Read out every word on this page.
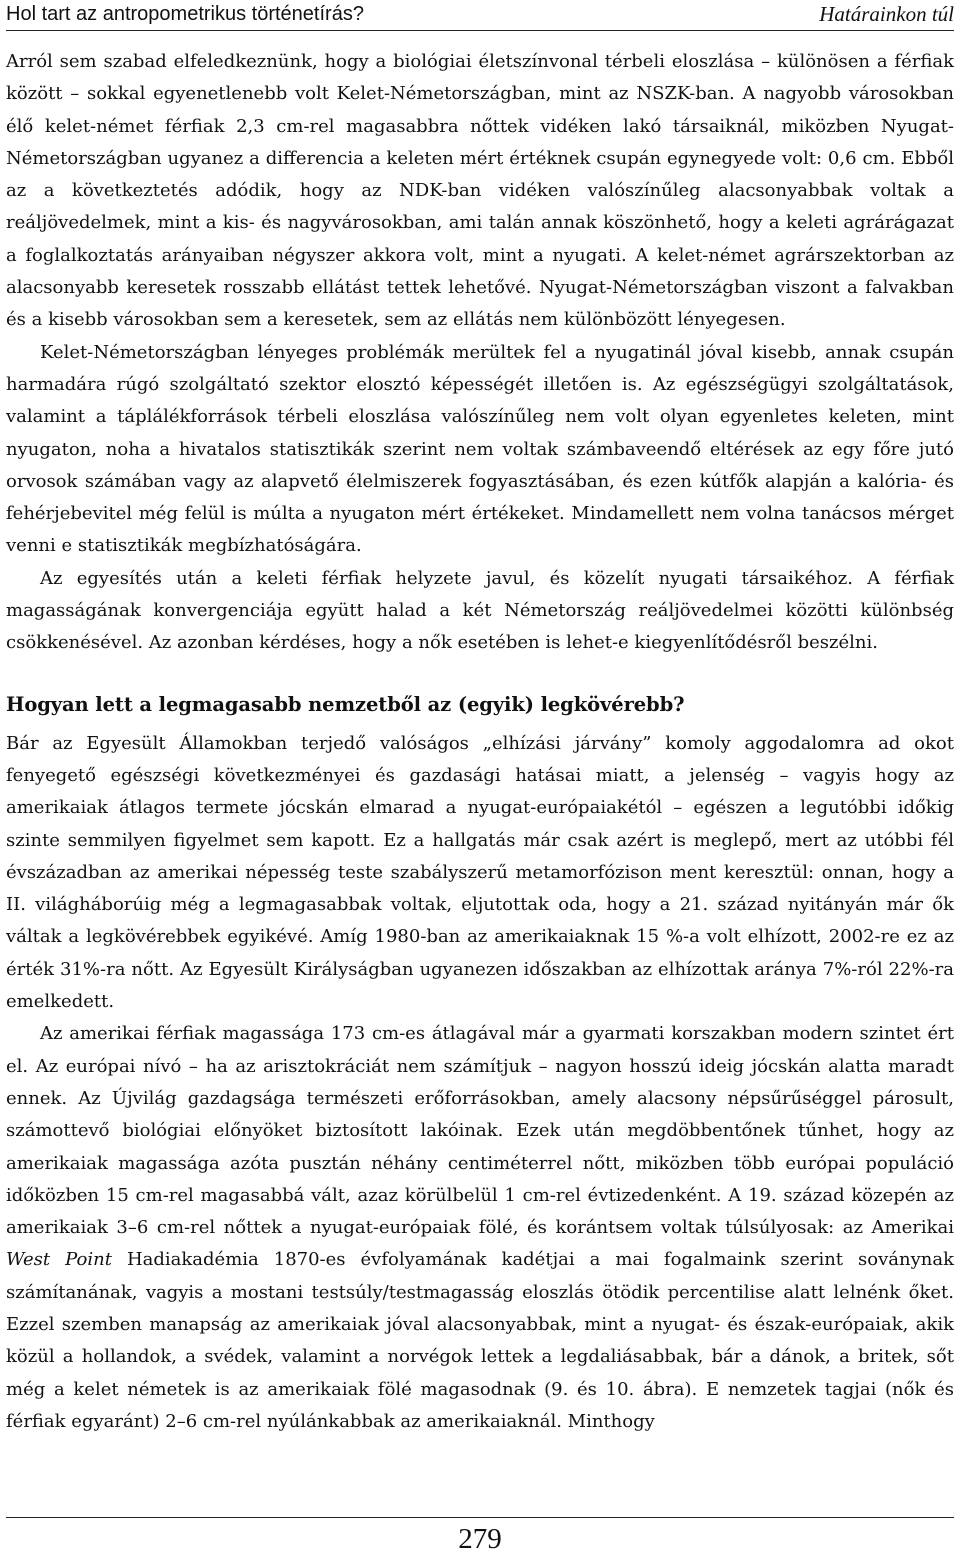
Hol tart az antropometrikus történetírás?	Határainkon túl

Arról sem szabad elfeledkeznünk, hogy a biológiai életszínvonal térbeli eloszlása – különösen a férfiak között – sokkal egyenetlenebb volt Kelet-Németországban, mint az NSZK-ban. A nagyobb városokban élő kelet-német férfiak 2,3 cm-rel magasabbra nőttek vidéken lakó társaiknál, miközben Nyugat-Németországban ugyanez a differencia a keleten mért értéknek csupán egynegyede volt: 0,6 cm. Ebből az a következtetés adódik, hogy az NDK-ban vidéken valószínűleg alacsonyabbak voltak a reáljövedelmek, mint a kis- és nagyvárosokban, ami talán annak köszönhető, hogy a keleti agrárágazat a foglalkoztatás arányaiban négyszer akkora volt, mint a nyugati. A kelet-német agrárszektorban az alacsonyabb keresetek rosszabb ellátást tettek lehetővé. Nyugat-Németországban viszont a falvakban és a kisebb városokban sem a keresetek, sem az ellátás nem különbözött lényegesen.

Kelet-Németországban lényeges problémák merültek fel a nyugatinál jóval kisebb, annak csupán harmadára rúgó szolgáltató szektor elosztó képességét illetően is. Az egészségügyi szolgáltatások, valamint a táplálékforrások térbeli eloszlása valószínűleg nem volt olyan egyenletes keleten, mint nyugaton, noha a hivatalos statisztikák szerint nem voltak számbaveendő eltérések az egy főre jutó orvosok számában vagy az alapvető élelmiszerek fogyasztásában, és ezen kútfők alapján a kalória- és fehérjebevitel még felül is múlta a nyugaton mért értékeket. Mindamellett nem volna tanácsos mérget venni e statisztikák megbízhatóságára.

Az egyesítés után a keleti férfiak helyzete javul, és közelít nyugati társaikéhoz. A férfiak magasságának konvergenciája együtt halad a két Németország reáljövedelmei közötti különbség csökkenésével. Az azonban kérdéses, hogy a nők esetében is lehet-e kiegyenlítődésről beszélni.

Hogyan lett a legmagasabb nemzetből az (egyik) legkövérebb?

Bár az Egyesült Államokban terjedő valóságos „elhízási járvány” komoly aggodalomra ad okot fenyegető egészségi következményei és gazdasági hatásai miatt, a jelenség – vagyis hogy az amerikaiak átlagos termete jócskán elmarad a nyugat-európaiakétól – egészen a legutóbbi időkig szinte semmilyen figyelmet sem kapott. Ez a hallgatás már csak azért is meglepő, mert az utóbbi fél évszázadban az amerikai népesség teste szabályszerű metamorfózison ment keresztül: onnan, hogy a II. világháborúig még a legmagasabbak voltak, eljutottak oda, hogy a 21. század nyitányán már ők váltak a legkövérebbek egyikévé. Amíg 1980-ban az amerikaiaknak 15 %-a volt elhízott, 2002-re ez az érték 31%-ra nőtt. Az Egyesült Királyságban ugyanezen időszakban az elhízottak aránya 7%-ról 22%-ra emelkedett.

Az amerikai férfiak magassága 173 cm-es átlagával már a gyarmati korszakban modern szintet ért el. Az európai nívó – ha az arisztokráciát nem számítjuk – nagyon hosszú ideig jócskán alatta maradt ennek. Az Újvilág gazdagsága természeti erőforrásokban, amely alacsony népsűrűséggel párosult, számottevő biológiai előnyöket biztosított lakóinak. Ezek után megdöbbentőnek tűnhet, hogy az amerikaiak magassága azóta pusztán néhány centiméterrel nőtt, miközben több európai populáció időközben 15 cm-rel magasabbá vált, azaz körülbelül 1 cm-rel évtizedenként. A 19. század közepén az amerikaiak 3–6 cm-rel nőttek a nyugat-európaiak fölé, és korántsem voltak túlsúlyosak: az Amerikai West Point Hadiakadémia 1870-es évfolyamának kadétjai a mai fogalmaink szerint soványnak számítanának, vagyis a mostani testsúly/testmagasság eloszlás ötödik percentilise alatt lelnénk őket. Ezzel szemben manapság az amerikaiak jóval alacsonyabbak, mint a nyugat- és észak-európaiak, akik közül a hollandok, a svédek, valamint a norvégok lettek a legdaliásabbak, bár a dánok, a britek, sőt még a kelet németek is az amerikaiak fölé magasodnak (9. és 10. ábra). E nemzetek tagjai (nők és férfiak egyaránt) 2–6 cm-rel nyúlánkabbak az amerikaiaknál. Minthogy

279
